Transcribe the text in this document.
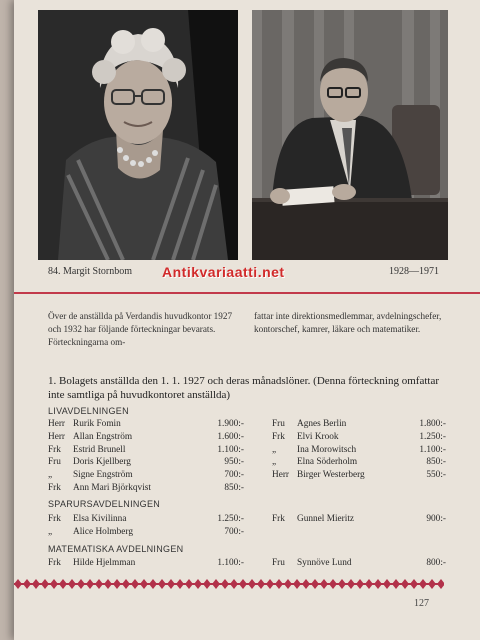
84. Margit Stornbom	1928—1971
Antikvariaatti.net
Över de anställda på Verdandis huvudkontor 1927 och 1932 har följande förteckningar bevarats. Förteckningarna om-
fattar inte direktionsmedlemmar, avdelningschefer, kontorschef, kamrer, läkare och matematiker.
1. Bolagets anställda den 1. 1. 1927 och deras månadslöner. (Denna förteckning omfattar inte samtliga på huvudkontoret anställda)
LIVAVDELNINGEN
Herr Rurik Fomin	1.900:-
Herr Allan Engström	1.600:-
Frk Estrid Brunell	1.100:-
Fru Doris Kjellberg	950:-
„ Signe Engström	700:-
Frk Ann Mari Björkqvist	850:-
Fru Agnes Berlin	1.800:-
Frk Elvi Krook	1.250:-
„ Ina Morowitsch	1.100:-
„ Elna Söderholm	850:-
Herr Birger Westerberg	550:-
SPARURSAVDELNINGEN
Frk Elsa Kivilinna	1.250:-
„ Alice Holmberg	700:-
Frk Gunnel Mieritz	900:-
MATEMATISKA AVDELNINGEN
Frk Hilde Hjelmman	1.100:-	Fru Synnöve Lund	800:-
127
